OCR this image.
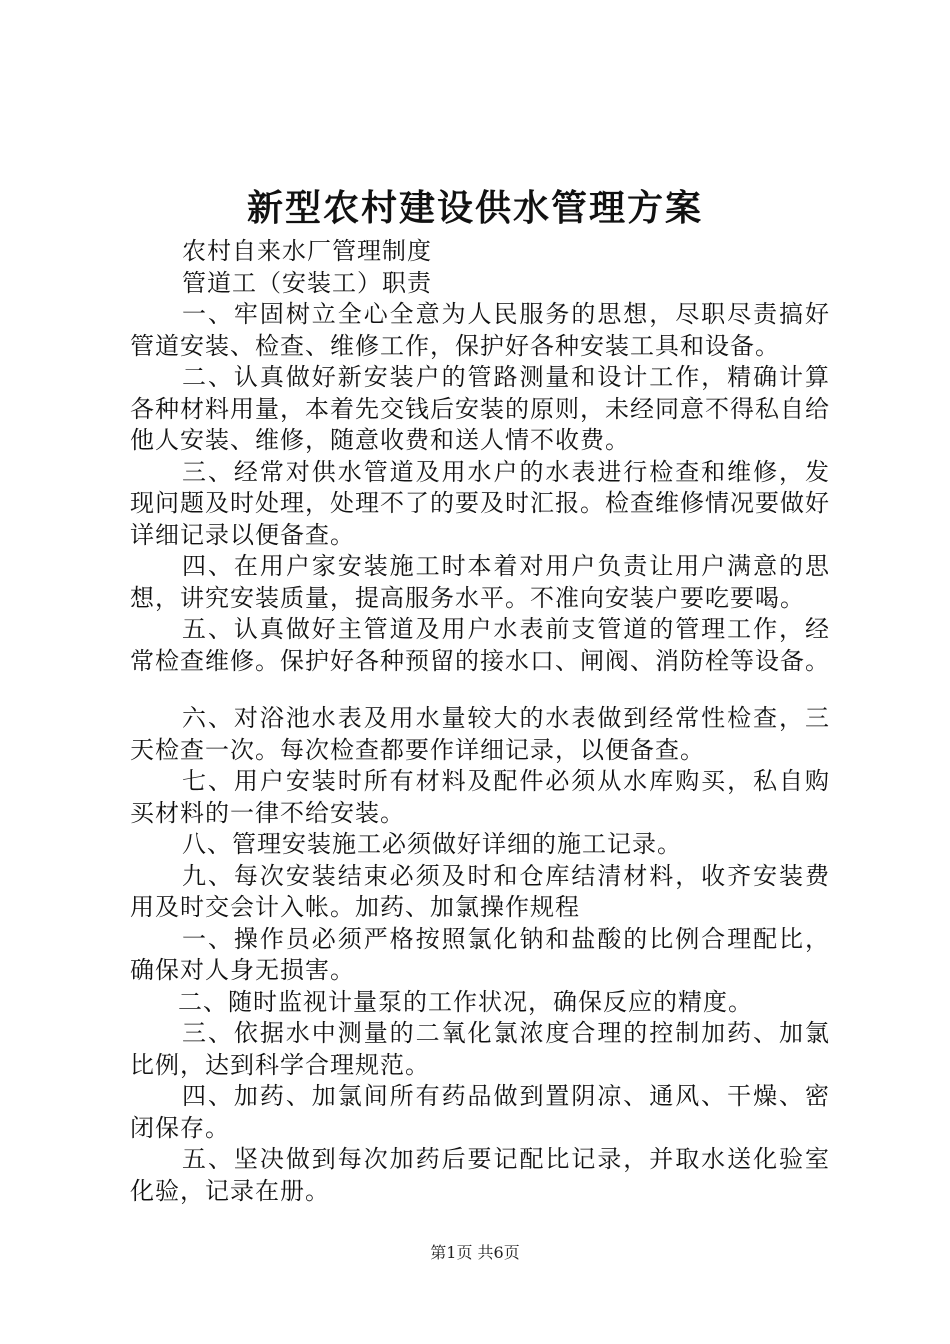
新型农村建设供水管理方案

农村自来水厂管理制度

管道工（安装工）职责

一、牢固树立全心全意为人民服务的思想，尽职尽责搞好管道安装、检查、维修工作，保护好各种安装工具和设备。

二、认真做好新安装户的管路测量和设计工作，精确计算各种材料用量，本着先交钱后安装的原则，未经同意不得私自给他人安装、维修，随意收费和送人情不收费。

三、经常对供水管道及用水户的水表进行检查和维修，发现问题及时处理，处理不了的要及时汇报。检查维修情况要做好详细记录以便备查。

四、在用户家安装施工时本着对用户负责让用户满意的思想，讲究安装质量，提高服务水平。不准向安装户要吃要喝。

五、认真做好主管道及用户水表前支管道的管理工作，经常检查维修。保护好各种预留的接水口、闸阀、消防栓等设备。

六、对浴池水表及用水量较大的水表做到经常性检查，三天检查一次。每次检查都要作详细记录，以便备查。

七、用户安装时所有材料及配件必须从水库购买，私自购买材料的一律不给安装。

八、管理安装施工必须做好详细的施工记录。

九、每次安装结束必须及时和仓库结清材料，收齐安装费用及时交会计入帐。加药、加氯操作规程

一、操作员必须严格按照氯化钠和盐酸的比例合理配比，确保对人身无损害。

二、随时监视计量泵的工作状况，确保反应的精度。

三、依据水中测量的二氧化氯浓度合理的控制加药、加氯比例，达到科学合理规范。

四、加药、加氯间所有药品做到置阴凉、通风、干燥、密闭保存。

五、坚决做到每次加药后要记配比记录，并取水送化验室化验，记录在册。

第1页 共6页
